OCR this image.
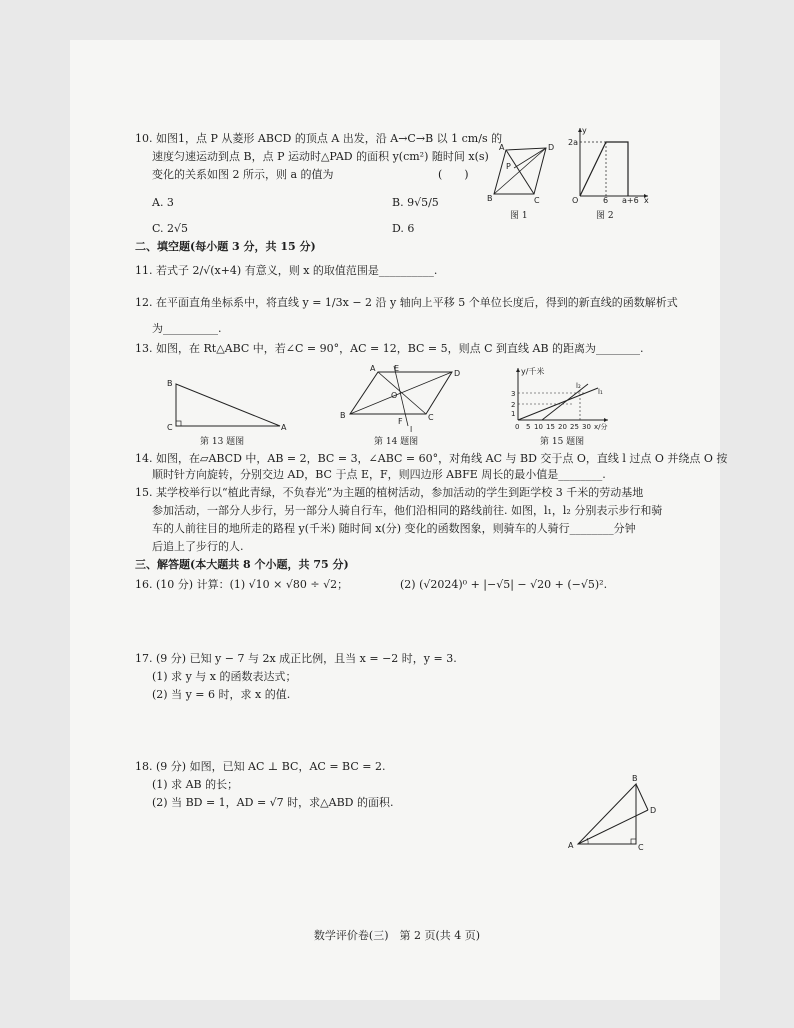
10. 如图1，点 P 从菱形 ABCD 的顶点 A 出发，沿 A→C→B 以 1 cm/s 的
速度匀速运动到点 B，点 P 运动时△PAD 的面积 y(cm²) 随时间 x(s)
变化的关系如图 2 所示，则 a 的值为	(　　)
A. 3	B. 9√5/5
C. 2√5	D. 6
A	D
B	C
P
图 1
y
2a
O	6 a+6 x
图 2
二、填空题(每小题 3 分，共 15 分)
11. 若式子 2/√(x+4) 有意义，则 x 的取值范围是__________.
12. 在平面直角坐标系中，将直线 y = 1/3x − 2 沿 y 轴向上平移 5 个单位长度后，得到的新直线的函数解析式
为__________.
13. 如图，在 Rt△ABC 中，若∠C = 90°，AC = 12，BC = 5，则点 C 到直线 AB 的距离为________.
B
C	A
第 13 题图
A E
D
B	C
O
F
l
第 14 题图
y/千米
3
2
1
0 5 10 15 20 25 30 x/分
l₂
l₁
第 15 题图
14. 如图，在▱ABCD 中，AB = 2，BC = 3，∠ABC = 60°，对角线 AC 与 BD 交于点 O，直线 l 过点 O 并绕点 O 按
顺时针方向旋转，分别交边 AD，BC 于点 E，F，则四边形 ABFE 周长的最小值是________.
15. 某学校举行以“植此青绿，不负春光”为主题的植树活动，参加活动的学生到距学校 3 千米的劳动基地
参加活动，一部分人步行，另一部分人骑自行车，他们沿相同的路线前往. 如图，l₁，l₂ 分别表示步行和骑
车的人前往目的地所走的路程 y(千米) 随时间 x(分) 变化的函数图象，则骑车的人骑行________分钟
后追上了步行的人.
三、解答题(本大题共 8 个小题，共 75 分)
16. (10 分) 计算：(1) √10 × √80 ÷ √2；	(2) (√2024)⁰ + |−√5| − √20 + (−√5)².
17. (9 分) 已知 y − 7 与 2x 成正比例，且当 x = −2 时，y = 3.
(1) 求 y 与 x 的函数表达式；
(2) 当 y = 6 时，求 x 的值.
18. (9 分) 如图，已知 AC ⊥ BC，AC = BC = 2.
(1) 求 AB 的长；
(2) 当 BD = 1，AD = √7 时，求△ABD 的面积.
B
D
A	C
数学评价卷(三)　第 2 页(共 4 页)
